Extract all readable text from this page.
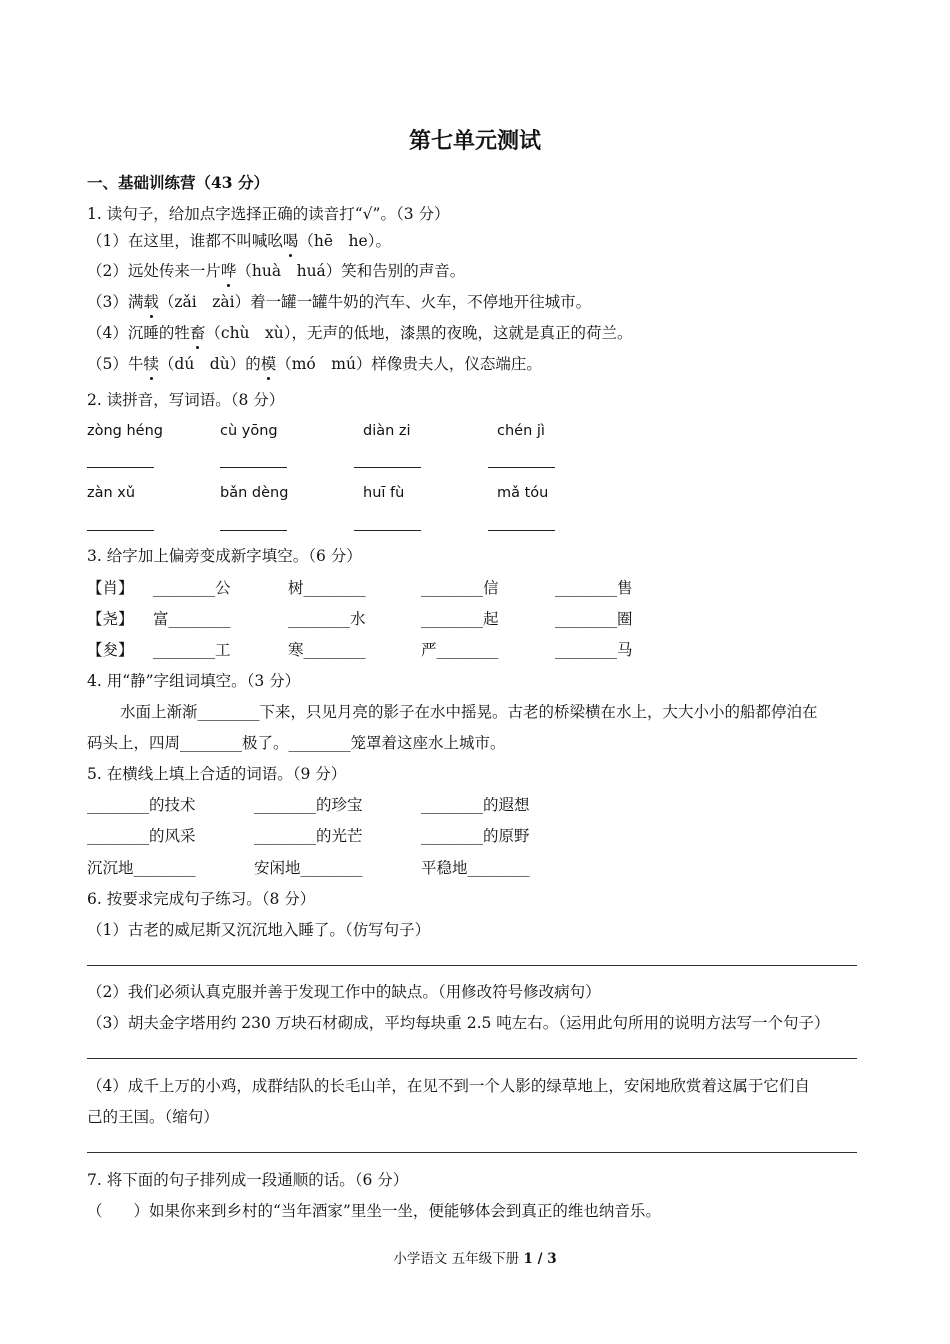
第七单元测试
一、基础训练营（43 分）
1. 读句子，给加点字选择正确的读音打“√”。（3 分）
（1）在这里，谁都不叫喊吆喝（hē　he）。
（2）远处传来一片哗（huà　huá）笑和告别的声音。
（3）满载（zǎi　zài）着一罐一罐牛奶的汽车、火车，不停地开往城市。
（4）沉睡的牲畜（chù　xù），无声的低地，漆黑的夜晚，这就是真正的荷兰。
（5）牛犊（dú　dù）的模（mó　mú）样像贵夫人，仪态端庄。
2. 读拼音，写词语。（8 分）
zòng héng	cù yōng	diàn zi	chén jì
zàn xǔ	bǎn dèng	huī fù	mǎ tóu
3. 给字加上偏旁变成新字填空。（6 分）
【肖】 ________公	树________	________信	________售
【尧】 富________	________水	________起	________圈
【夋】 ________工	寒________	严________	________马
4. 用“静”字组词填空。（3 分）
水面上渐渐________下来，只见月亮的影子在水中摇晃。古老的桥梁横在水上，大大小小的船都停泊在
码头上，四周________极了。________笼罩着这座水上城市。
5. 在横线上填上合适的词语。（9 分）
________的技术	________的珍宝	________的遐想
________的风采	________的光芒	________的原野
沉沉地________	安闲地________	平稳地________
6. 按要求完成句子练习。（8 分）
（1）古老的威尼斯又沉沉地入睡了。（仿写句子）
（2）我们必须认真克服并善于发现工作中的缺点。（用修改符号修改病句）
（3）胡夫金字塔用约 230 万块石材砌成，平均每块重 2.5 吨左右。（运用此句所用的说明方法写一个句子）
（4）成千上万的小鸡，成群结队的长毛山羊，在见不到一个人影的绿草地上，安闲地欣赏着这属于它们自
己的王国。（缩句）
7. 将下面的句子排列成一段通顺的话。（6 分）
（　　）如果你来到乡村的“当年酒家”里坐一坐，便能够体会到真正的维也纳音乐。
小学语文 五年级下册 1 / 3
